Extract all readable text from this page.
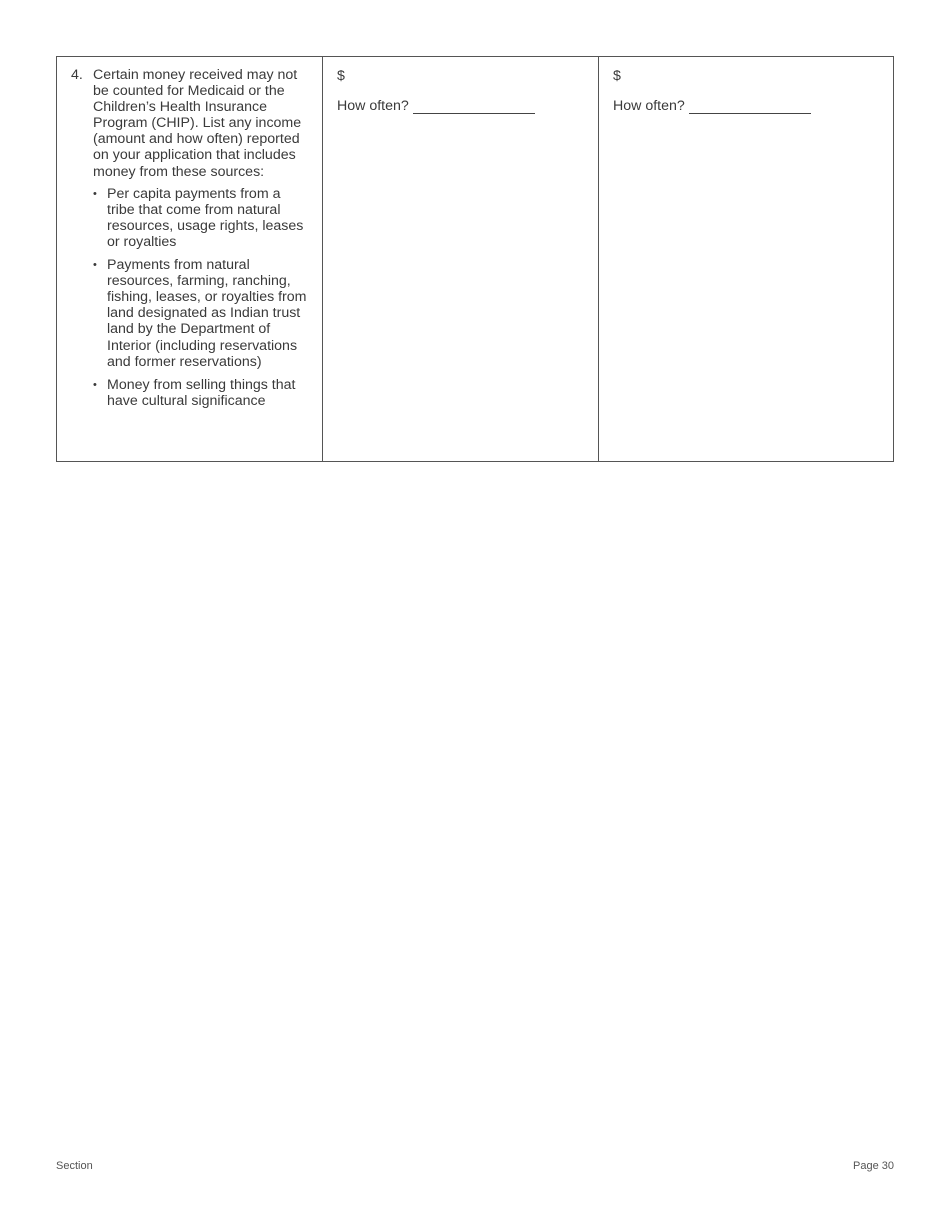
4. Certain money received may not be counted for Medicaid or the Children’s Health Insurance Program (CHIP). List any income (amount and how often) reported on your application that includes money from these sources:
• Per capita payments from a tribe that come from natural resources, usage rights, leases or royalties
• Payments from natural resources, farming, ranching, fishing, leases, or royalties from land designated as Indian trust land by the Department of Interior (including reservations and former reservations)
• Money from selling things that have cultural significance
$
How often?
$
How often?
Section	Page 30
